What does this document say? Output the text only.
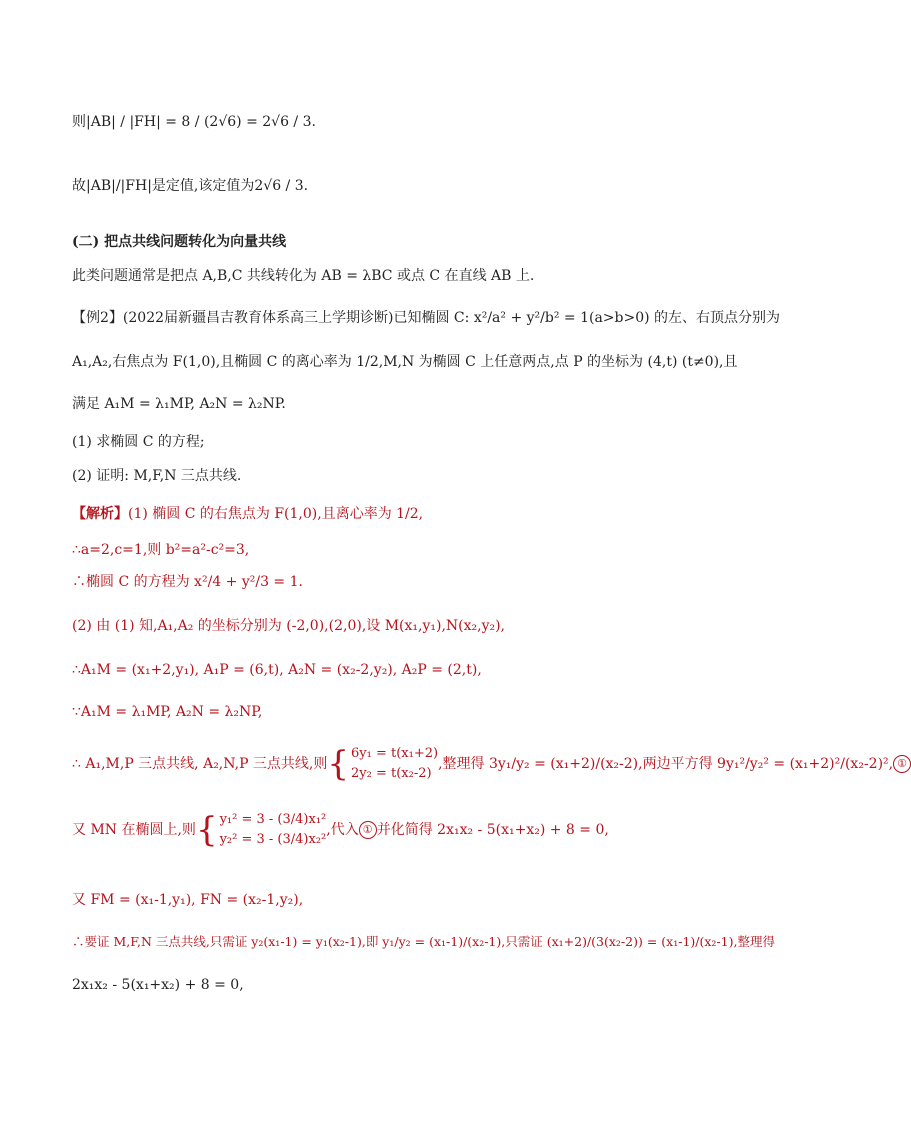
则|AB| / |FH| = 8 / (2√6) = 2√6 / 3.
故|AB|/|FH|是定值,该定值为2√6 / 3.
(二) 把点共线问题转化为向量共线
此类问题通常是把点 A,B,C 共线转化为 AB = λBC 或点 C 在直线 AB 上.
【例2】(2022届新疆昌吉教育体系高三上学期诊断)已知椭圆 C: x²/a² + y²/b² = 1(a>b>0) 的左、右顶点分别为
A₁,A₂,右焦点为 F(1,0),且椭圆 C 的离心率为 1/2,M,N 为椭圆 C 上任意两点,点 P 的坐标为 (4,t) (t≠0),且
满足 A₁M = λ₁MP, A₂N = λ₂NP.
(1) 求椭圆 C 的方程;
(2) 证明: M,F,N 三点共线.
【解析】(1) 椭圆 C 的右焦点为 F(1,0),且离心率为 1/2,
∴a=2,c=1,则 b²=a²-c²=3,
∴椭圆 C 的方程为 x²/4 + y²/3 = 1.
(2) 由 (1) 知,A₁,A₂ 的坐标分别为 (-2,0),(2,0),设 M(x₁,y₁),N(x₂,y₂),
∴A₁M = (x₁+2,y₁), A₁P = (6,t), A₂N = (x₂-2,y₂), A₂P = (2,t),
∵A₁M = λ₁MP, A₂N = λ₂NP,
∴ A₁,M,P 三点共线, A₂,N,P 三点共线,则{ 6y₁ = t(x₁+2)
2y₂ = t(x₂-2)
,整理得 3y₁/y₂ = (x₁+2)/(x₂-2),两边平方得 9y₁²/y₂² = (x₁+2)²/(x₂-2)², ①
又 MN 在椭圆上,则{ y₁² = 3 - (3/4)x₁²
y₂² = 3 - (3/4)x₂²
,代入 ① 并化简得 2x₁x₂ - 5(x₁+x₂) + 8 = 0,
又 FM = (x₁-1,y₁), FN = (x₂-1,y₂),
∴要证 M,F,N 三点共线,只需证 y₂(x₁-1) = y₁(x₂-1),即 y₁/y₂ = (x₁-1)/(x₂-1),只需证 (x₁+2)/(3(x₂-2)) = (x₁-1)/(x₂-1),整理得
2x₁x₂ - 5(x₁+x₂) + 8 = 0,
